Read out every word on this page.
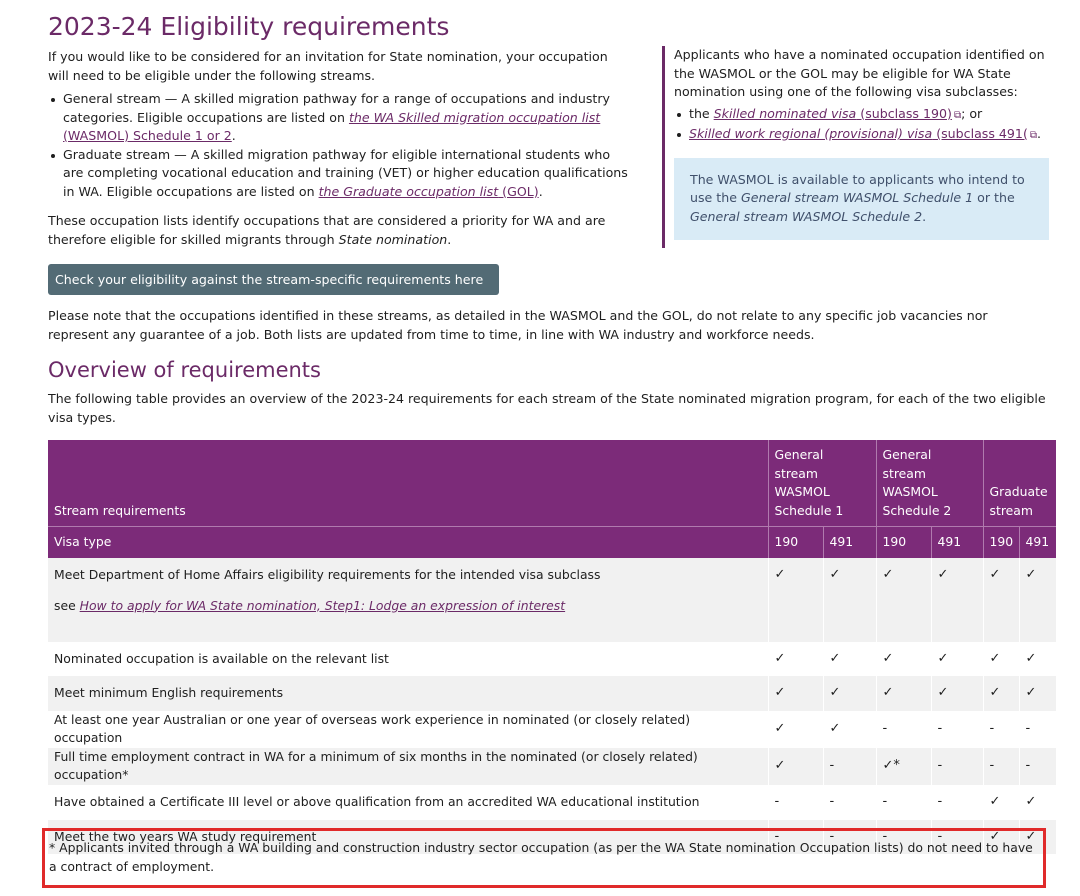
2023-24 Eligibility requirements

If you would like to be considered for an invitation for State nomination, your occupation will need to be eligible under the following streams.

General stream — A skilled migration pathway for a range of occupations and industry categories. Eligible occupations are listed on the WA Skilled migration occupation list (WASMOL) Schedule 1 or 2.
Graduate stream — A skilled migration pathway for eligible international students who are completing vocational education and training (VET) or higher education qualifications in WA. Eligible occupations are listed on the Graduate occupation list (GOL).

These occupation lists identify occupations that are considered a priority for WA and are therefore eligible for skilled migrants through State nomination.

Applicants who have a nominated occupation identified on the WASMOL or the GOL may be eligible for WA State nomination using one of the following visa subclasses:

the Skilled nominated visa (subclass 190) ⧉; or
Skilled work regional (provisional) visa (subclass 491( ⧉.
The WASMOL is available to applicants who intend to use the General stream WASMOL Schedule 1 or the General stream WASMOL Schedule 2.
Check your eligibility against the stream-specific requirements here ⋙

Please note that the occupations identified in these streams, as detailed in the WASMOL and the GOL, do not relate to any specific job vacancies nor represent any guarantee of a job. Both lists are updated from time to time, in line with WA industry and workforce needs.

Overview of requirements

The following table provides an overview of the 2023-24 requirements for each stream of the State nominated migration program, for each of the two eligible visa types.

Stream requirements	General stream WASMOL Schedule 1		General stream WASMOL Schedule 2		Graduate stream	
Visa type	190	491	190	491	190	491

Meet Department of Home Affairs eligibility requirements for the intended visa subclass
see How to apply for WA State nomination, Step1: Lodge an expression of interest	✓	✓	✓	✓	✓	✓
Nominated occupation is available on the relevant list	✓	✓	✓	✓	✓	✓
Meet minimum English requirements	✓	✓	✓	✓	✓	✓
At least one year Australian or one year of overseas work experience in nominated (or closely related) occupation	✓	✓	-	-	-	-
Full time employment contract in WA for a minimum of six months in the nominated (or closely related) occupation*	✓	-	✓*	-	-	-
Have obtained a Certificate III level or above qualification from an accredited WA educational institution	-	-	-	-	✓	✓
Meet the two years WA study requirement	-	-	-	-	✓	✓
* Applicants invited through a WA building and construction industry sector occupation (as per the WA State nomination Occupation lists) do not need to have a contract of employment.
